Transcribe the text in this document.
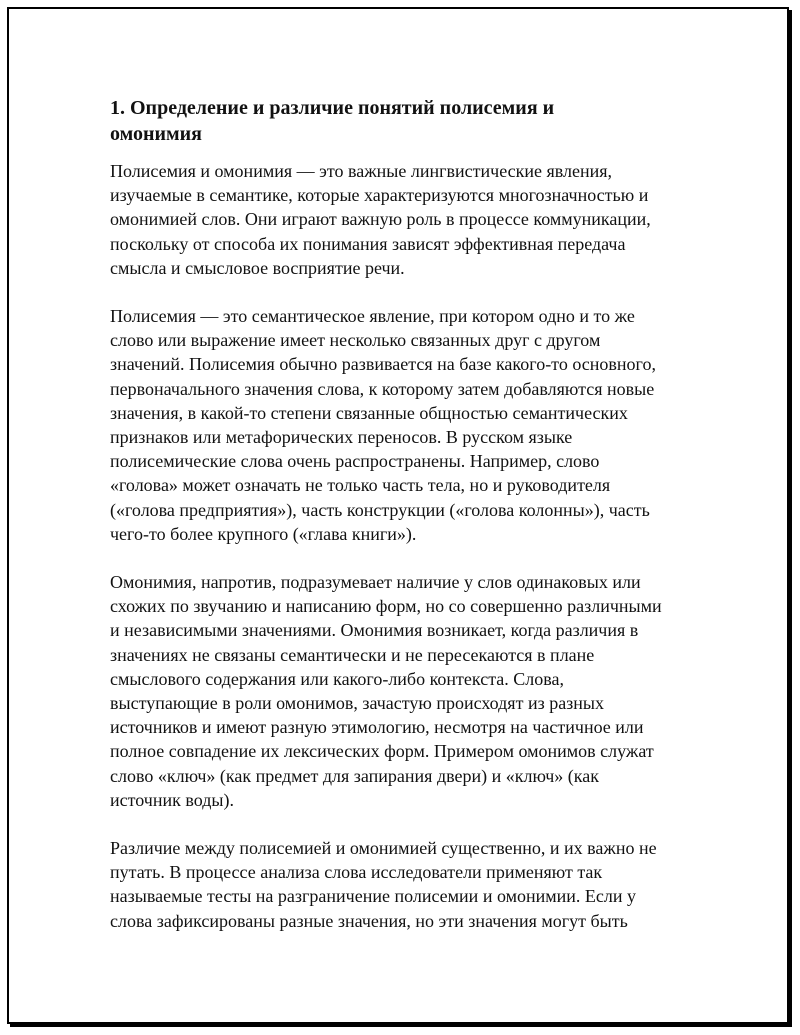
1. Определение и различие понятий полисемия и
омонимия

Полисемия и омонимия — это важные лингвистические явления,
изучаемые в семантике, которые характеризуются многозначностью и
омонимией слов. Они играют важную роль в процессе коммуникации,
поскольку от способа их понимания зависят эффективная передача
смысла и смысловое восприятие речи.

Полисемия — это семантическое явление, при котором одно и то же
слово или выражение имеет несколько связанных друг с другом
значений. Полисемия обычно развивается на базе какого-то основного,
первоначального значения слова, к которому затем добавляются новые
значения, в какой-то степени связанные общностью семантических
признаков или метафорических переносов. В русском языке
полисемические слова очень распространены. Например, слово
«голова» может означать не только часть тела, но и руководителя
(«голова предприятия»), часть конструкции («голова колонны»), часть
чего-то более крупного («глава книги»).

Омонимия, напротив, подразумевает наличие у слов одинаковых или
схожих по звучанию и написанию форм, но со совершенно различными
и независимыми значениями. Омонимия возникает, когда различия в
значениях не связаны семантически и не пересекаются в плане
смыслового содержания или какого-либо контекста. Слова,
выступающие в роли омонимов, зачастую происходят из разных
источников и имеют разную этимологию, несмотря на частичное или
полное совпадение их лексических форм. Примером омонимов служат
слово «ключ» (как предмет для запирания двери) и «ключ» (как
источник воды).

Различие между полисемией и омонимией существенно, и их важно не
путать. В процессе анализа слова исследователи применяют так
называемые тесты на разграничение полисемии и омонимии. Если у
слова зафиксированы разные значения, но эти значения могут быть
